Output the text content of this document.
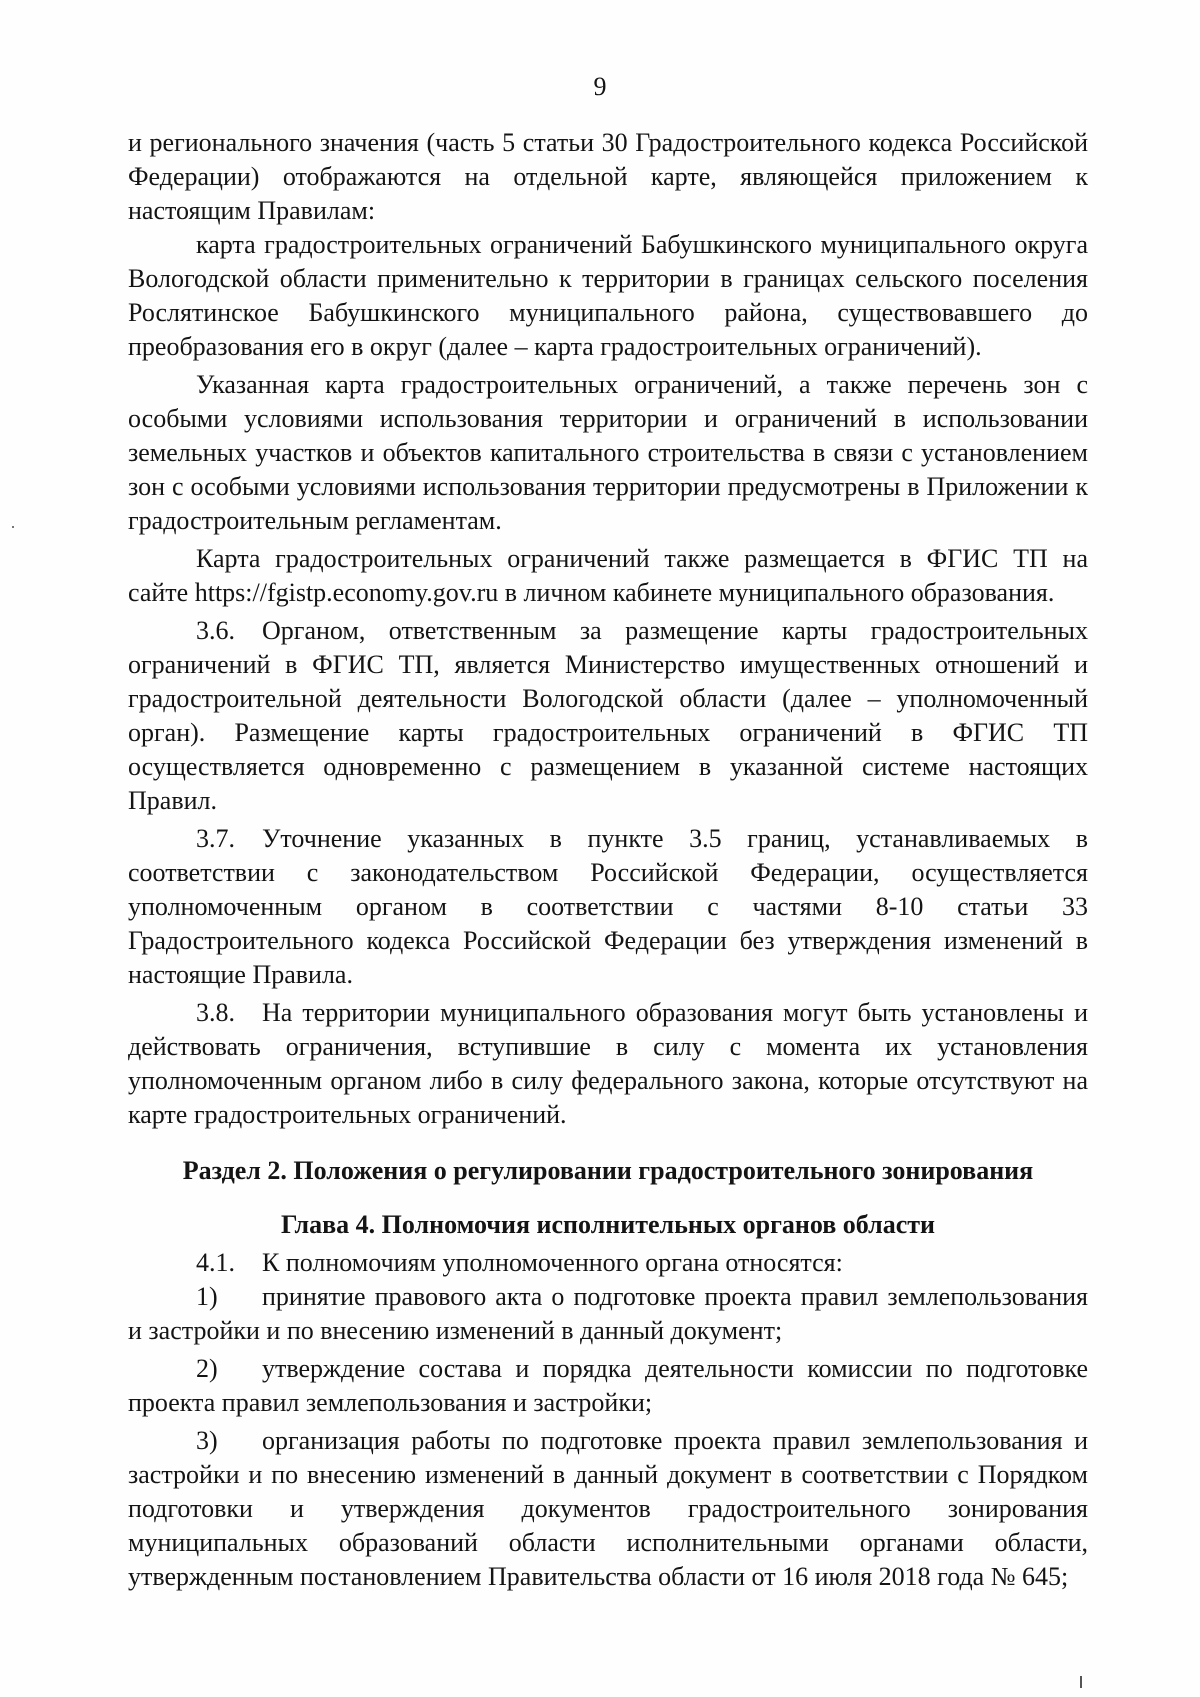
9

и регионального значения (часть 5 статьи 30 Градостроительного кодекса Российской Федерации) отображаются на отдельной карте, являющейся приложением к настоящим Правилам:

карта градостроительных ограничений Бабушкинского муниципального округа Вологодской области применительно к территории в границах сельского поселения Рослятинское Бабушкинского муниципального района, существовавшего до преобразования его в округ (далее – карта градостроительных ограничений).

Указанная карта градостроительных ограничений, а также перечень зон с особыми условиями использования территории и ограничений в использовании земельных участков и объектов капитального строительства в связи с установлением зон с особыми условиями использования территории предусмотрены в Приложении к градостроительным регламентам.

Карта градостроительных ограничений также размещается в ФГИС ТП на сайте https://fgistp.economy.gov.ru в личном кабинете муниципального образования.

3.6. Органом, ответственным за размещение карты градостроительных ограничений в ФГИС ТП, является Министерство имущественных отношений и градостроительной деятельности Вологодской области (далее – уполномоченный орган). Размещение карты градостроительных ограничений в ФГИС ТП осуществляется одновременно с размещением в указанной системе настоящих Правил.

3.7. Уточнение указанных в пункте 3.5 границ, устанавливаемых в соответствии с законодательством Российской Федерации, осуществляется уполномоченным органом в соответствии с частями 8-10 статьи 33 Градостроительного кодекса Российской Федерации без утверждения изменений в настоящие Правила.

3.8. На территории муниципального образования могут быть установлены и действовать ограничения, вступившие в силу с момента их установления уполномоченным органом либо в силу федерального закона, которые отсутствуют на карте градостроительных ограничений.

Раздел 2. Положения о регулировании градостроительного зонирования
Глава 4. Полномочия исполнительных органов области

4.1. К полномочиям уполномоченного органа относятся:

1) принятие правового акта о подготовке проекта правил землепользования и застройки и по внесению изменений в данный документ;

2) утверждение состава и порядка деятельности комиссии по подготовке проекта правил землепользования и застройки;

3) организация работы по подготовке проекта правил землепользования и застройки и по внесению изменений в данный документ в соответствии с Порядком подготовки и утверждения документов градостроительного зонирования муниципальных образований области исполнительными органами области, утвержденным постановлением Правительства области от 16 июля 2018 года № 645;
